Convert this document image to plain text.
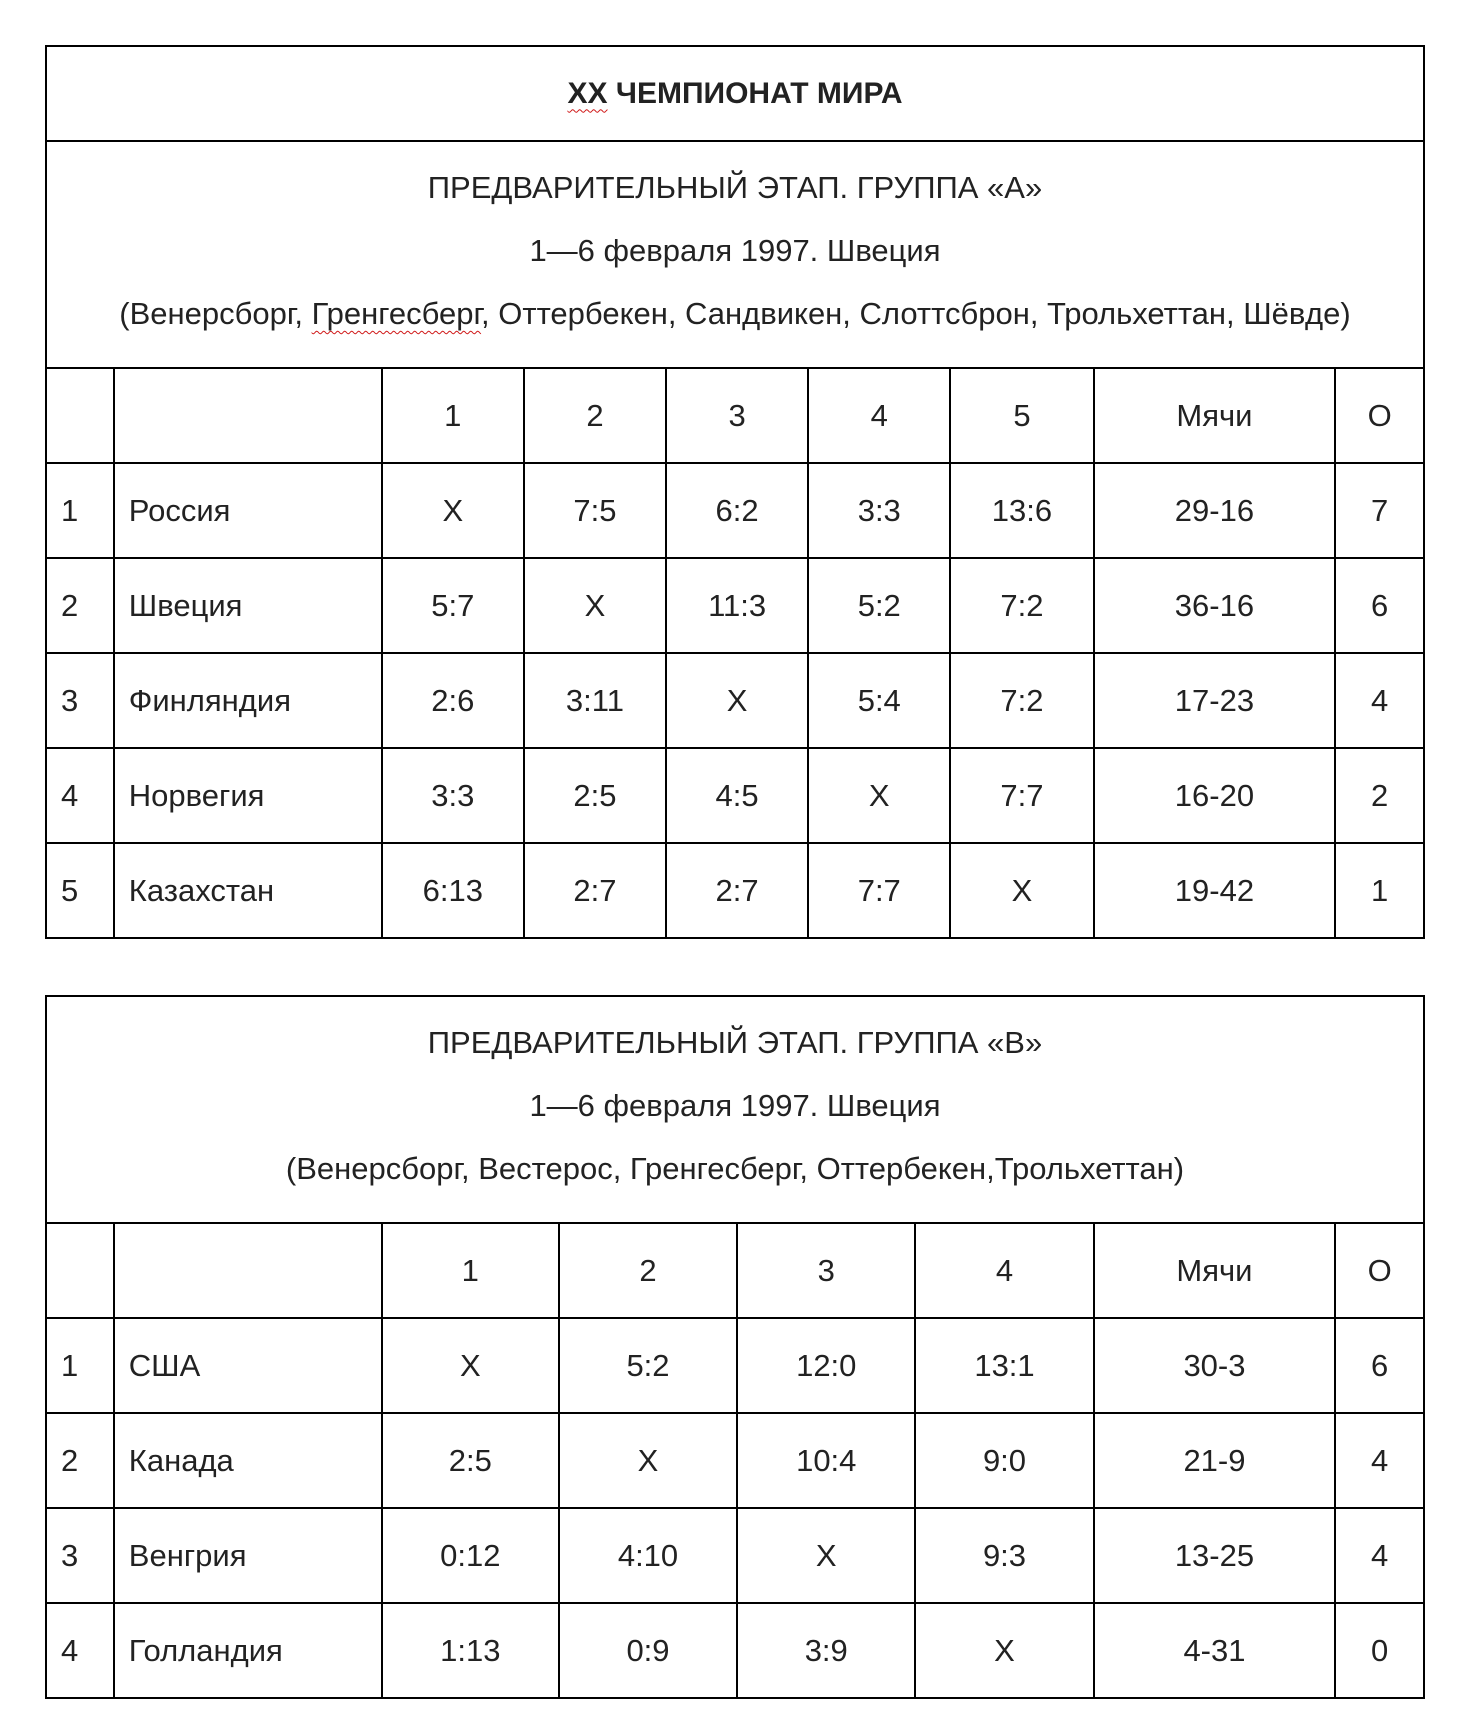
XX ЧЕМПИОНАТ МИРА								

ПРЕДВАРИТЕЛЬНЫЙ ЭТАП. ГРУППА «А»
1—6 февраля 1997. Швеция
(Венерсборг, Гренгесберг, Оттербекен, Сандвикен, Слоттсброн, Трольхеттан, Шёвде)								

		1	2	3	4	5	Мячи	О
1	Россия	X	7:5	6:2	3:3	13:6	29-16	7
2	Швеция	5:7	X	11:3	5:2	7:2	36-16	6
3	Финляндия	2:6	3:11	X	5:4	7:2	17-23	4
4	Норвегия	3:3	2:5	4:5	X	7:7	16-20	2
5	Казахстан	6:13	2:7	2:7	7:7	X	19-42	1
ПРЕДВАРИТЕЛЬНЫЙ ЭТАП. ГРУППА «В»
1—6 февраля 1997. Швеция
(Венерсборг, Вестерос, Гренгесберг, Оттербекен,Трольхеттан)							

		1	2	3	4	Мячи	О
1	США	X	5:2	12:0	13:1	30-3	6
2	Канада	2:5	X	10:4	9:0	21-9	4
3	Венгрия	0:12	4:10	X	9:3	13-25	4
4	Голландия	1:13	0:9	3:9	X	4-31	0
